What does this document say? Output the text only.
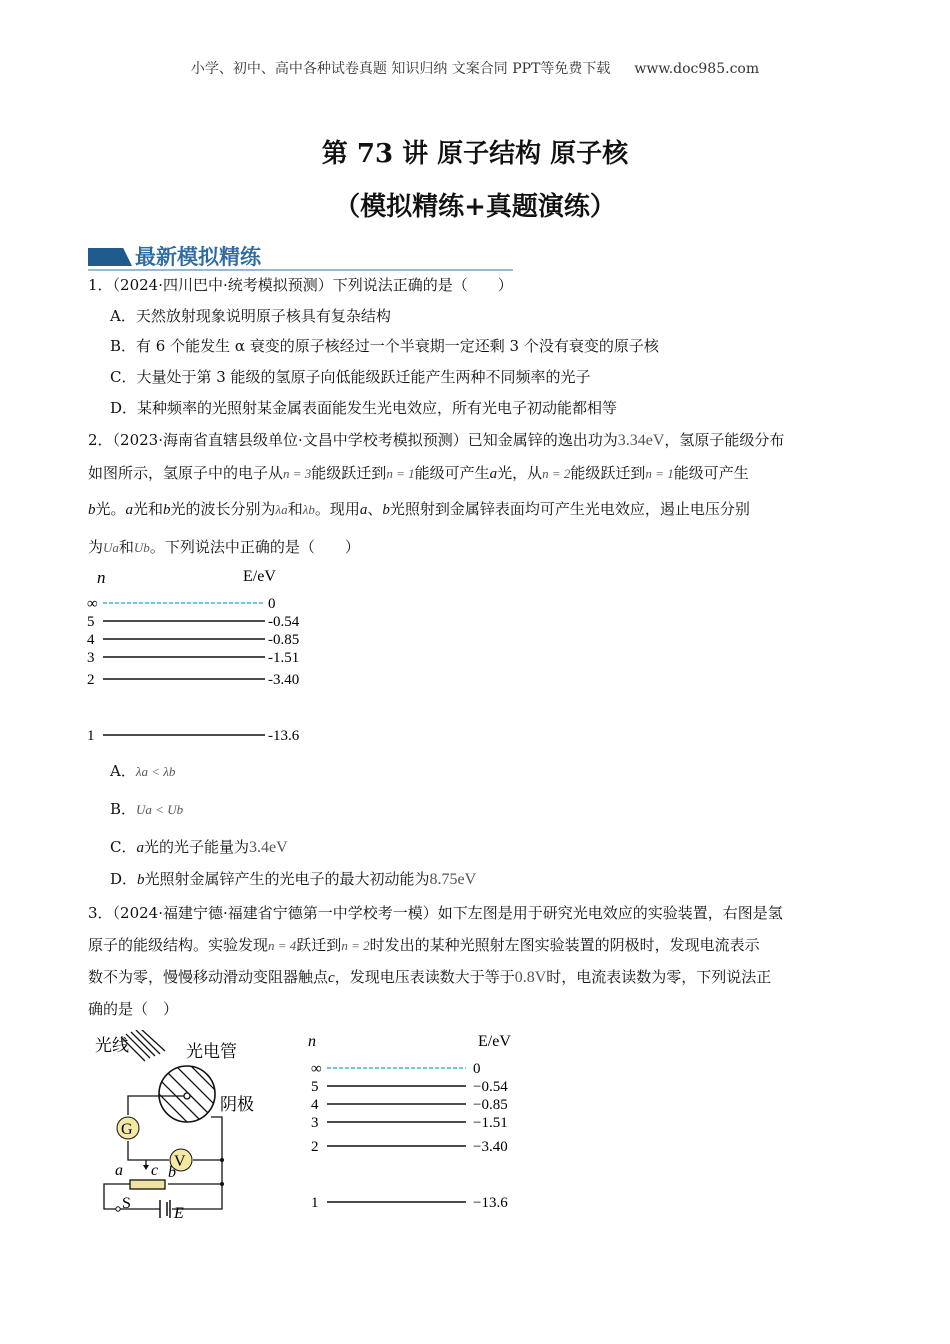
小学、初中、高中各种试卷真题 知识归纳 文案合同 PPT等免费下载 www.doc985.com
第 73 讲 原子结构 原子核
（模拟精练+真题演练）
最新模拟精练
1．（2024·四川巴中·统考模拟预测）下列说法正确的是（　　）
A．天然放射现象说明原子核具有复杂结构
B．有 6 个能发生 α 衰变的原子核经过一个半衰期一定还剩 3 个没有衰变的原子核
C．大量处于第 3 能级的氢原子向低能级跃迁能产生两种不同频率的光子
D．某种频率的光照射某金属表面能发生光电效应，所有光电子初动能都相等
2．（2023·海南省直辖县级单位·文昌中学校考模拟预测）已知金属锌的逸出功为3.34eV，氢原子能级分布
如图所示，氢原子中的电子从n = 3能级跃迁到n = 1能级可产生a光，从n = 2能级跃迁到n = 1能级可产生
b光。a光和b光的波长分别为λa和λb。现用a、b光照射到金属锌表面均可产生光电效应，遏止电压分别
为Ua和Ub。下列说法中正确的是（　　）
n	E/eV
∞	0
5	-0.54
4	-0.85
3	-1.51
2	-3.40
1	-13.6
A．λa < λb
B．Ua < Ub
C．a光的光子能量为3.4eV
D．b光照射金属锌产生的光电子的最大初动能为8.75eV
3．（2024·福建宁德·福建省宁德第一中学校考一模）如下左图是用于研究光电效应的实验装置，右图是氢
原子的能级结构。实验发现n = 4跃迁到n = 2时发出的某种光照射左图实验装置的阴极时，发现电流表示
数不为零，慢慢移动滑动变阻器触点c，发现电压表读数大于等于0.8V时，电流表读数为零，下列说法正
确的是（　）
G
V
光线	光电管
阴极
a c b
S
E
n	E/eV
∞	0
5	−0.54
4	−0.85
3	−1.51
2	−3.40
1	−13.6
